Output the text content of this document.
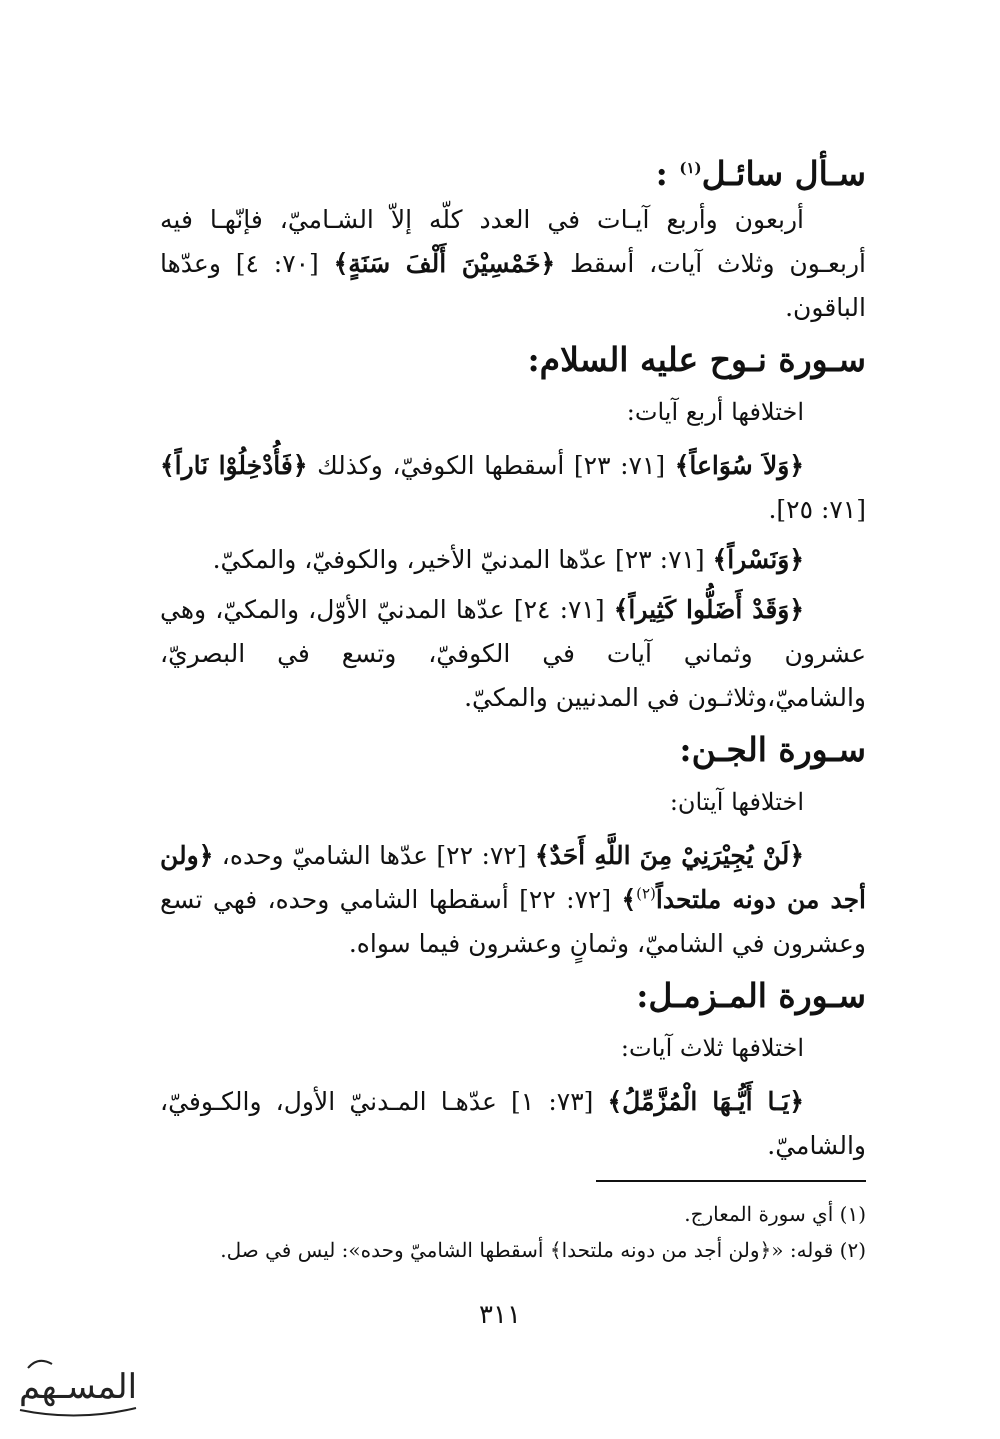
سـأل سائـل$^{(١)}$ :

أربعون وأربع آيـات في العدد كلّه إلاّ الشـاميّ، فإنّهـا فيه أربعـون وثلاث آيات، أسقط ﴿خَمْسِيْنَ أَلْفَ سَنَةٍ﴾ [٧٠: ٤] وعدّها الباقون.

سـورة نـوح عليه السلام:

اختلافها أربع آيات:

﴿وَلاَ سُوَاعاً﴾ [٧١: ٢٣] أسقطها الكوفيّ، وكذلك ﴿فَأُدْخِلُوْا نَاراً﴾ [٧١: ٢٥].

﴿وَنَسْراً﴾ [٧١: ٢٣] عدّها المدنيّ الأخير، والكوفيّ، والمكيّ.

﴿وَقَدْ أَضَلُّوا كَثِيراً﴾ [٧١: ٢٤] عدّها المدنيّ الأوّل، والمكيّ، وهي عشرون وثماني آيات في الكوفيّ، وتسع في البصريّ، والشاميّ،وثلاثـون في المدنيين والمكيّ.

سـورة الجـن:

اختلافها آيتان:

﴿لَنْ يُجِيْرَنِيْ مِنَ اللَّهِ أَحَدٌ﴾ [٧٢: ٢٢] عدّها الشاميّ وحده، ﴿ولن أجد من دونه ملتحداً$^{(٢)}$﴾ [٧٢: ٢٢] أسقطها الشامي وحده، فهي تسع وعشرون في الشاميّ، وثمانٍ وعشرون فيما سواه.

سـورة المـزمـل:

اختلافها ثلاث آيات:

﴿يَـا أَيُّـهَا الْمُزَّمِّلُ﴾ [٧٣: ١] عدّهـا المـدنيّ الأول، والكـوفيّ، والشاميّ.

(١) أي سورة المعارج.
(٢) قوله: «﴿ولن أجد من دونه ملتحدا﴾ أسقطها الشاميّ وحده»: ليس في صل.
٣١١
المسـهم
